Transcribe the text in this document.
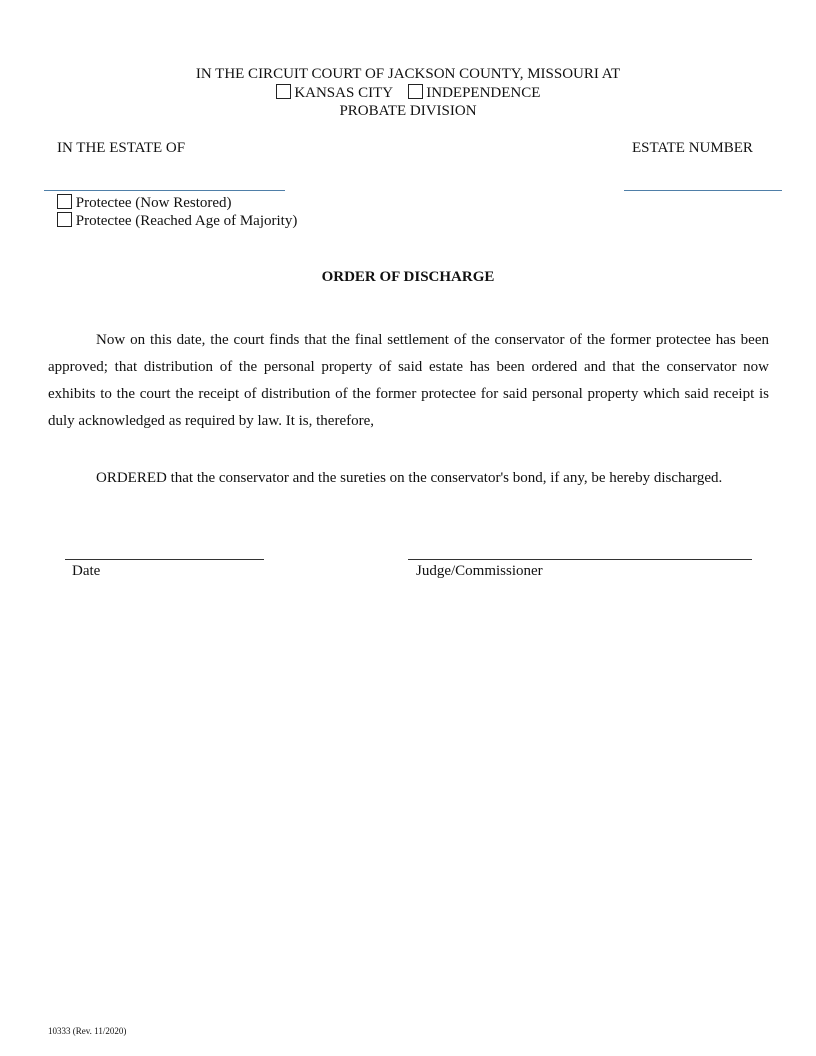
IN THE CIRCUIT COURT OF JACKSON COUNTY, MISSOURI AT
KANSAS CITY INDEPENDENCE
PROBATE DIVISION
IN THE ESTATE OF	ESTATE NUMBER
Protectee (Now Restored)
Protectee (Reached Age of Majority)
ORDER OF DISCHARGE

Now on this date, the court finds that the final settlement of the conservator of the former protectee has been approved; that distribution of the personal property of said estate has been ordered and that the conservator now exhibits to the court the receipt of distribution of the former protectee for said personal property which said receipt is duly acknowledged as required by law. It is, therefore,

ORDERED that the conservator and the sureties on the conservator's bond, if any, be hereby discharged.
Date	Judge/Commissioner
10333 (Rev. 11/2020)
